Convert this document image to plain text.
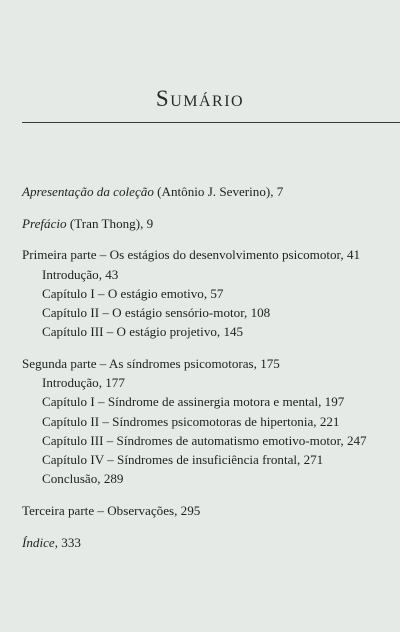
Sumário
Apresentação da coleção (Antônio J. Severino), 7
Prefácio (Tran Thong), 9
Primeira parte – Os estágios do desenvolvimento psicomotor, 41
Introdução, 43
Capítulo I – O estágio emotivo, 57
Capítulo II – O estágio sensório-motor, 108
Capítulo III – O estágio projetivo, 145
Segunda parte – As síndromes psicomotoras, 175
Introdução, 177
Capítulo I – Síndrome de assinergia motora e mental, 197
Capítulo II – Síndromes psicomotoras de hipertonia, 221
Capítulo III – Síndromes de automatismo emotivo-motor, 247
Capítulo IV – Síndromes de insuficiência frontal, 271
Conclusão, 289
Terceira parte – Observações, 295
Índice, 333
